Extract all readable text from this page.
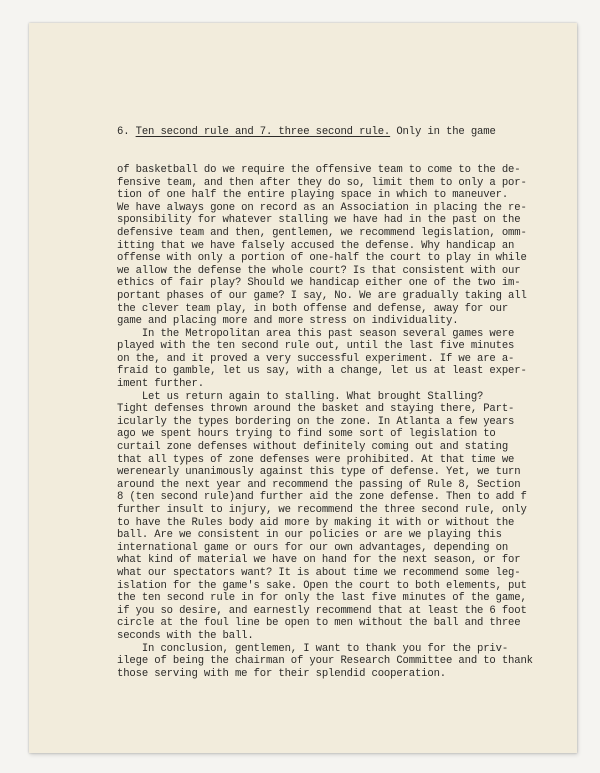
6. Ten second rule and 7. three second rule. Only in the game

of basketball do we require the offensive team to come to the de-
fensive team, and then after they do so, limit them to only a por-
tion of one half the entire playing space in which to maneuver.
We have always gone on record as an Association in placing the re-
sponsibility for whatever stalling we have had in the past on the
defensive team and then, gentlemen, we recommend legislation, omm-
itting that we have falsely accused the defense. Why handicap an
offense with only a portion of one-half the court to play in while
we allow the defense the whole court? Is that consistent with our
ethics of fair play? Should we handicap either one of the two im-
portant phases of our game? I say, No. We are gradually taking all
the clever team play, in both offense and defense, away for our
game and placing more and more stress on individuality.
In the Metropolitan area this past season several games were
played with the ten second rule out, until the last five minutes
on the, and it proved a very successful experiment. If we are a-
fraid to gamble, let us say, with a change, let us at least exper-
iment further.
Let us return again to stalling. What brought Stalling?
Tight defenses thrown around the basket and staying there, Part-
icularly the types bordering on the zone. In Atlanta a few years
ago we spent hours trying to find some sort of legislation to
curtail zone defenses without definitely coming out and stating
that all types of zone defenses were prohibited. At that time we
werenearly unanimously against this type of defense. Yet, we turn
around the next year and recommend the passing of Rule 8, Section
8 (ten second rule)and further aid the zone defense. Then to add f
further insult to injury, we recommend the three second rule, only
to have the Rules body aid more by making it with or without the
ball. Are we consistent in our policies or are we playing this
international game or ours for our own advantages, depending on
what kind of material we have on hand for the next season, or for
what our spectators want? It is about time we recommend some leg-
islation for the game's sake. Open the court to both elements, put
the ten second rule in for only the last five minutes of the game,
if you so desire, and earnestly recommend that at least the 6 foot
circle at the foul line be open to men without the ball and three
seconds with the ball.
In conclusion, gentlemen, I want to thank you for the priv-
ilege of being the chairman of your Research Committee and to thank
those serving with me for their splendid cooperation.
